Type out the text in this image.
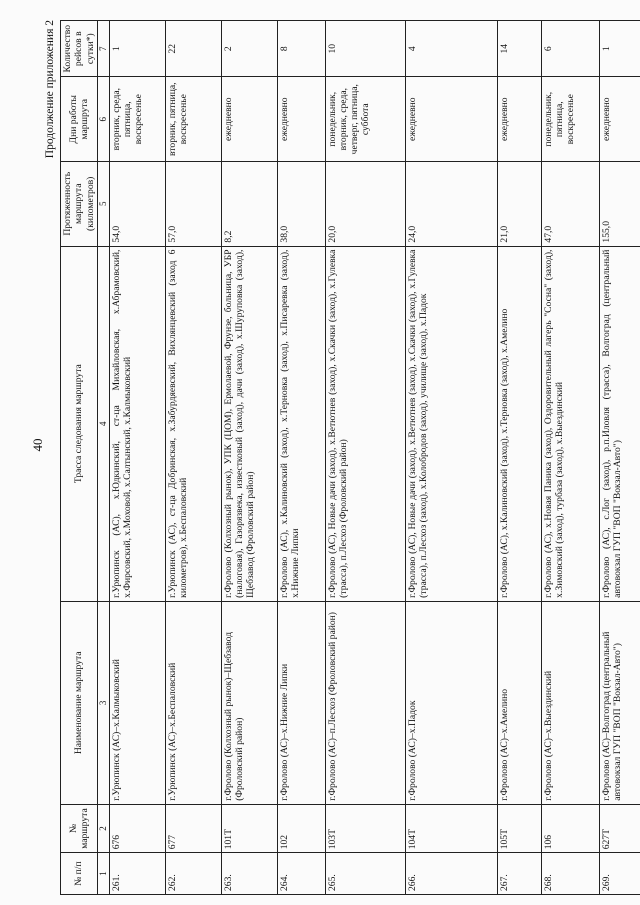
40
Продолжение приложения 2
№ п/п	№ маршрута	Наименование маршрута	Трасса следования маршрута	Протяженность маршрута (километров)	Дни работы маршрута	Количество рейсов в сутки*)
1	2	3	4	5	6	7
261.	676	г.Урюпинск (АС)–х.Калмыковский	г.Урюпинск (АС), х.Юдкинский, ст-ца Михайловская, х.Абрамовский, х.Фирсовский, х.Моховой, х.Салтынский, х.Калмыковский	54,0	вторник, среда, пятница, воскресенье	1
262.	677	г.Урюпинск (АС)–х.Беспаловский	г.Урюпинск (АС), ст-ца Добринская, х.Забурдяевский, Вихлянцевский (заход 6 километров), х.Беспаловский	57,0	вторник, пятница, воскресенье	22
263.	101Т	г.Фролово (Колхозный рынок)–Щебзавод (Фроловский район)	г.Фролово (Колхозный рынок), УПК (ЦОМ), Ермолаевой, Фрунзе, больница, УБР (налоговая), Газорязвека, известковый (заход), дачи (заход), х.Шуруповка (заход), Щебзавод (Фроловский район)	8,2	ежедневно	2
264.	102	г.Фролово (АС)–х.Нижние Липки	г.Фролово (АС), х.Калиновский (заход), х.Терновка (заход), х.Писаревка (заход), х.Нижние Липки	38,0	ежедневно	8
265.	103Т	г.Фролово (АС)–п.Лесхоз (Фроловский район)	г.Фролово (АС), Новые дачи (заход), х.Ветютнев (заход), х.Скачки (заход), х.Гулевка (трасса), п.Лесхоз (Фроловский район)	20,0	понедельник, вторник, среда, четверг, пятница, суббота	10
266.	104Т	г.Фролово (АС)–х.Падок	г.Фролово (АС), Новые дачи (заход), х.Ветютнев (заход), х.Скачки (заход), х.Гулевка (трасса), п.Лесхоз (заход), х.Колобродов (заход), училище (заход), х.Падок	24,0	ежедневно	4
267.	105Т	г.Фролово (АС)–х.Амелино	г.Фролово (АС), х.Калиновский (заход), х.Терновка (заход), х.Амелино	21,0	ежедневно	14
268.	106	г.Фролово (АС)–х.Выездинский	г.Фролово (АС), х.Новая Паника (заход), Оздоровительный лагерь "Сосна" (заход), х.Зимовский (заход), турбаза (заход), х.Выездинский	47,0	понедельник, пятница, воскресенье	6
269.	627Т	г.Фролово (АС)–Волгоград (центральный автовокзал ГУП "ВОП "Вокзал-Авто")	г.Фролово (АС), с.Лог (заход), р.п.Иловля (трасса), Волгоград (центральный автовокзал ГУП "ВОП "Вокзал-Авто")	155,0	ежедневно	1
